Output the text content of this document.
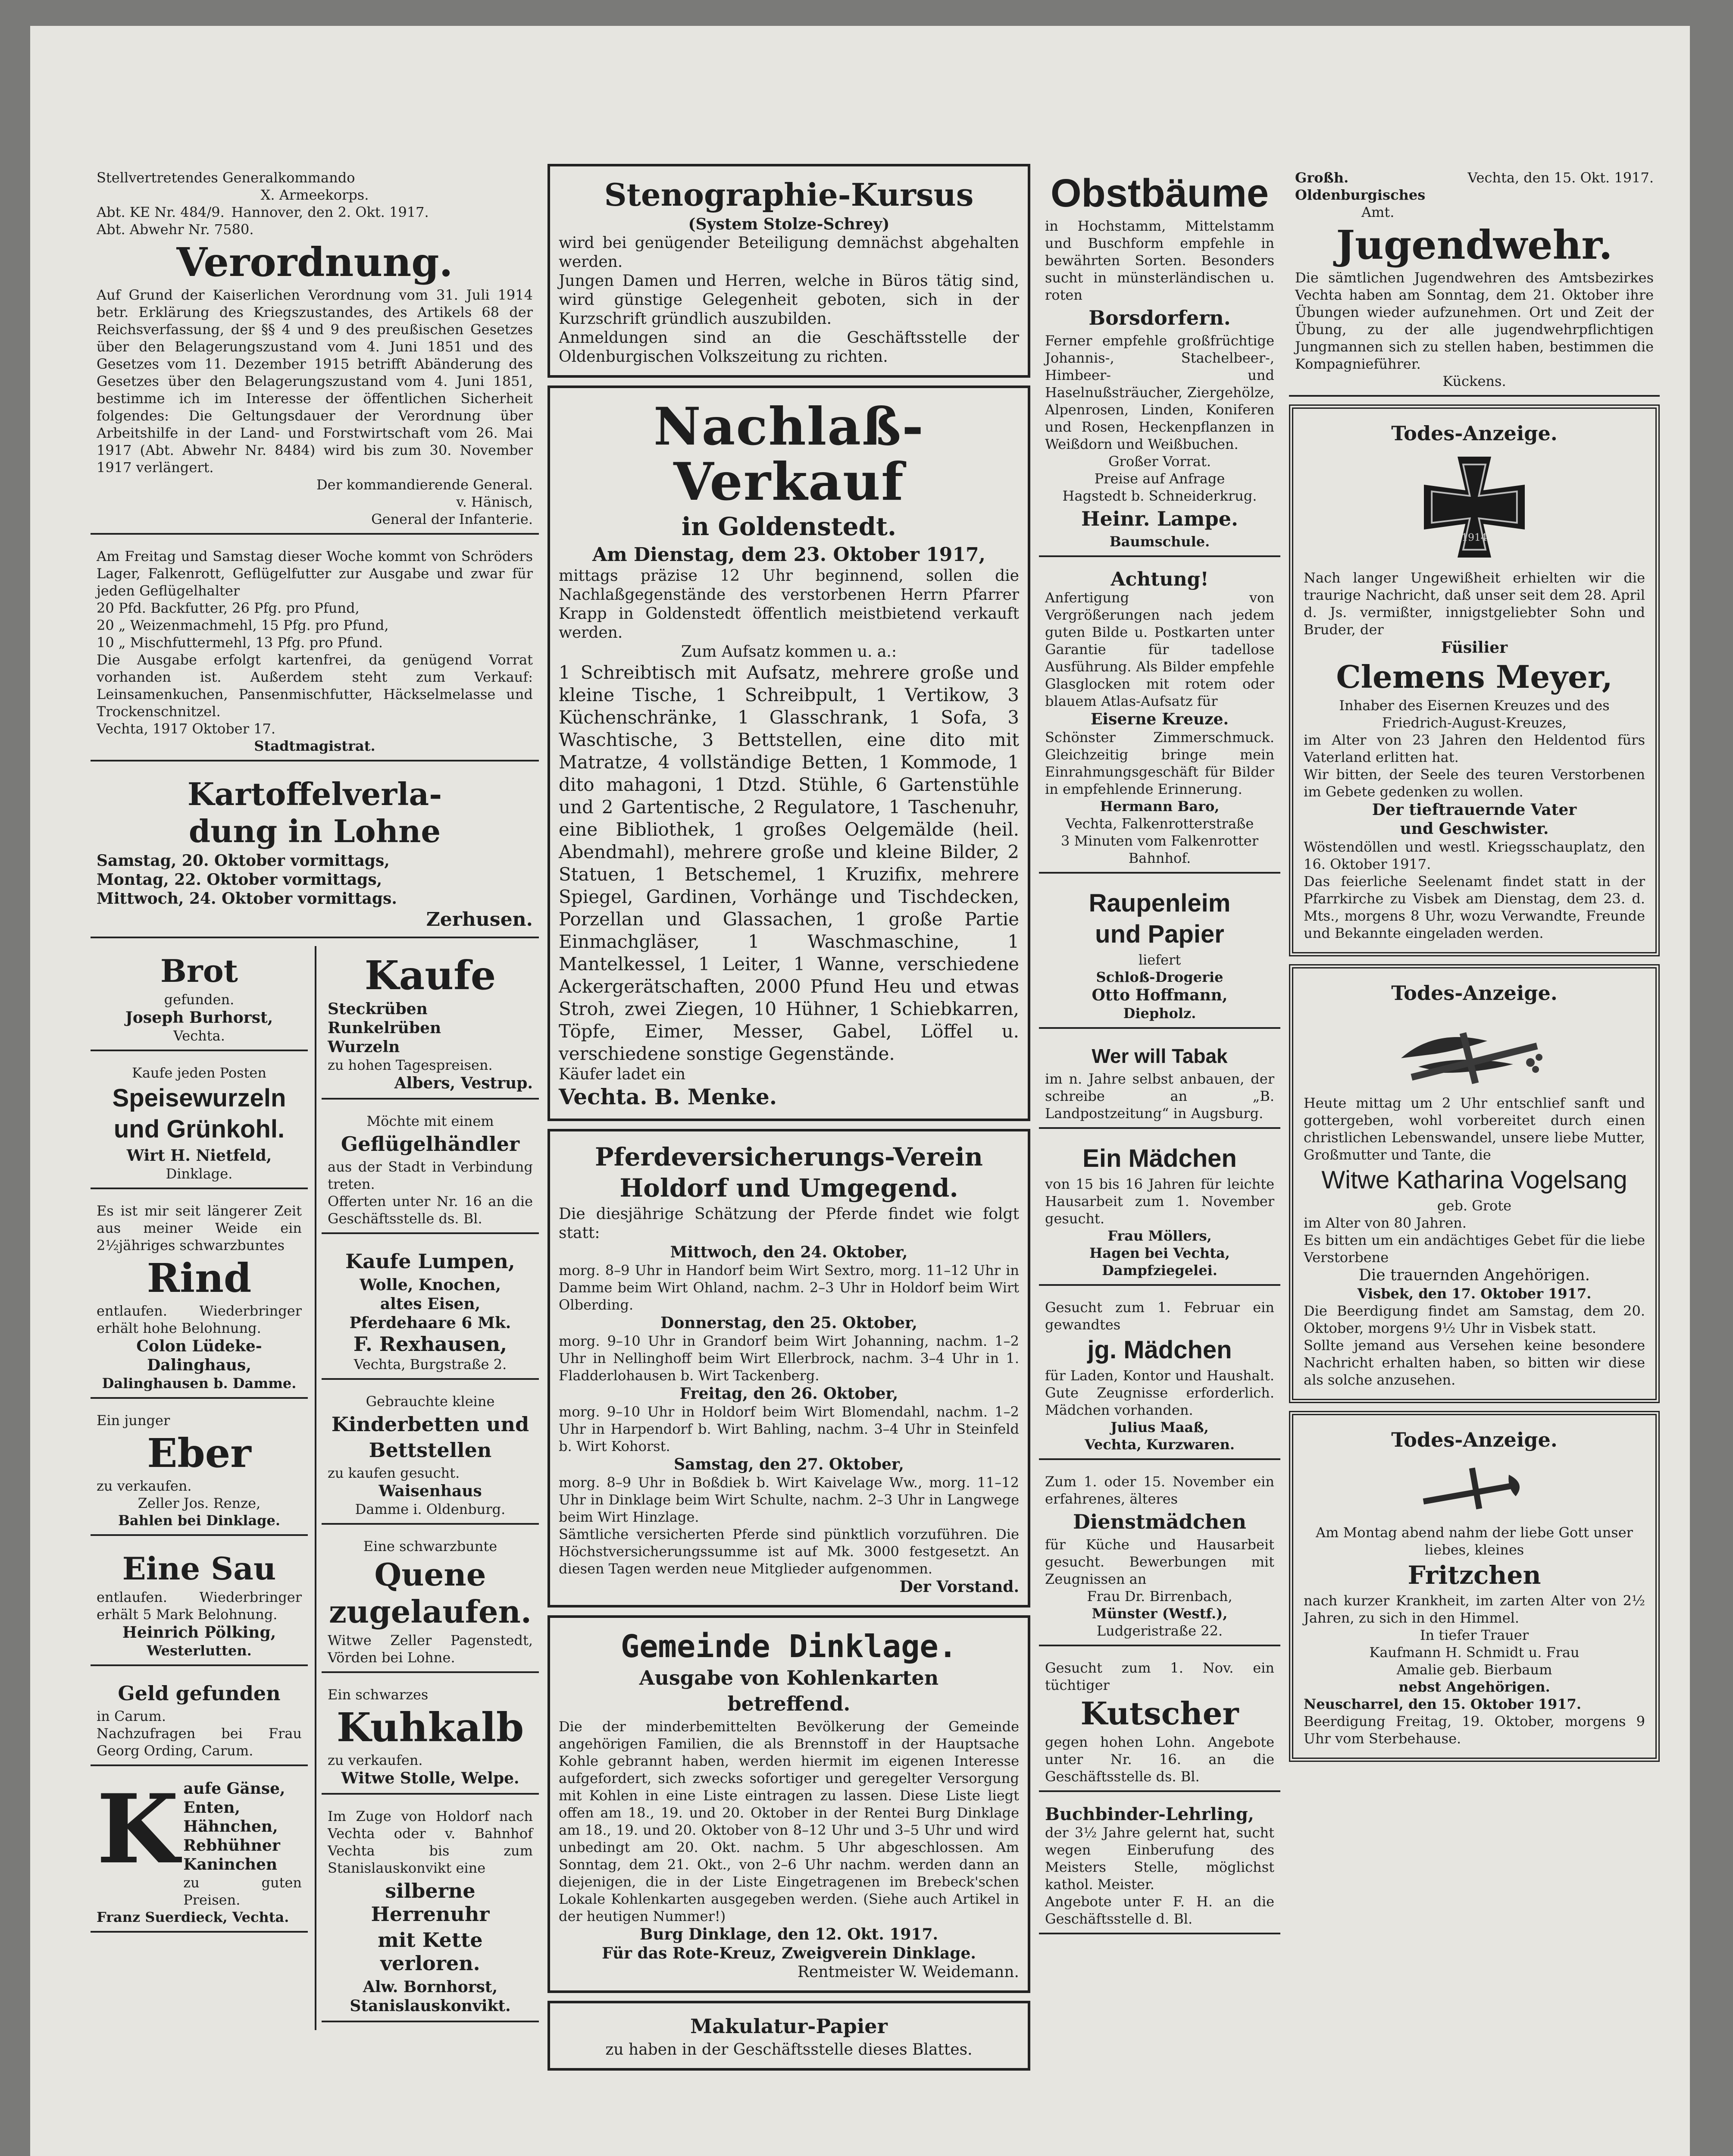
Stellvertretendes Generalkommando

X. Armeekorps.

Abt. KE Nr. 484/9. Hannover, den 2. Okt. 1917.

Abt. Abwehr Nr. 7580.

Verordnung.

Auf Grund der Kaiserlichen Verordnung vom 31. Juli 1914 betr. Erklärung des Kriegszustandes, des Artikels 68 der Reichsverfassung, der §§ 4 und 9 des preußischen Gesetzes über den Belagerungszustand vom 4. Juni 1851 und des Gesetzes vom 11. Dezember 1915 betrifft Abänderung des Gesetzes über den Belagerungszustand vom 4. Juni 1851, bestimme ich im Interesse der öffentlichen Sicherheit folgendes: Die Geltungsdauer der Verordnung über Arbeitshilfe in der Land- und Forstwirtschaft vom 26. Mai 1917 (Abt. Abwehr Nr. 8484) wird bis zum 30. November 1917 verlängert.

Der kommandierende General.

v. Hänisch,

General der Infanterie.

Am Freitag und Samstag dieser Woche kommt von Schröders Lager, Falkenrott, Geflügelfutter zur Ausgabe und zwar für jeden Geflügelhalter

20 Pfd. Backfutter, 26 Pfg. pro Pfund,

20 „ Weizenmachmehl, 15 Pfg. pro Pfund,

10 „ Mischfuttermehl, 13 Pfg. pro Pfund.

Die Ausgabe erfolgt kartenfrei, da genügend Vorrat vorhanden ist. Außerdem steht zum Verkauf: Leinsamenkuchen, Pansenmischfutter, Häckselmelasse und Trockenschnitzel.

Vechta, 1917 Oktober 17.

Stadtmagistrat.

Kartoffelverla-
dung in Lohne

Samstag, 20. Oktober vormittags,

Montag, 22. Oktober vormittags,

Mittwoch, 24. Oktober vormittags.

Zerhusen.

Brot

gefunden.

Joseph Burhorst,

Vechta.

Kaufe jeden Posten

Speisewurzeln
und Grünkohl.

Wirt H. Nietfeld,

Dinklage.

Es ist mir seit längerer Zeit aus meiner Weide ein 2½jähriges schwarzbuntes

Rind

entlaufen. Wiederbringer erhält hohe Belohnung.

Colon Lüdeke-Dalinghaus,

Dalinghausen b. Damme.

Ein junger

Eber

zu verkaufen.

Zeller Jos. Renze,

Bahlen bei Dinklage.

Eine Sau

entlaufen. Wiederbringer erhält 5 Mark Belohnung.

Heinrich Pölking,

Westerlutten.

Geld gefunden

in Carum.

Nachzufragen bei Frau Georg Ording, Carum.

K aufe Gänse,

Enten,

Hähnchen,

Rebhühner

Kaninchen

zu guten Preisen.

Franz Suerdieck, Vechta.

Kaufe

Steckrüben

Runkelrüben

Wurzeln

zu hohen Tagespreisen.

Albers, Vestrup.

Möchte mit einem

Geflügelhändler

aus der Stadt in Verbindung treten.

Offerten unter Nr. 16 an die Geschäftsstelle ds. Bl.

Kaufe Lumpen,

Wolle, Knochen,

altes Eisen,

Pferdehaare 6 Mk.

F. Rexhausen,

Vechta, Burgstraße 2.

Gebrauchte kleine

Kinderbetten und
Bettstellen

zu kaufen gesucht.

Waisenhaus

Damme i. Oldenburg.

Eine schwarzbunte

Quene
zugelaufen.

Witwe Zeller Pagenstedt, Vörden bei Lohne.

Ein schwarzes

Kuhkalb

zu verkaufen.

Witwe Stolle, Welpe.

Im Zuge von Holdorf nach Vechta oder v. Bahnhof Vechta bis zum Stanislauskonvikt eine

silberne Herrenuhr
mit Kette verloren.

Alw. Bornhorst,

Stanislauskonvikt.

Stenographie-Kursus

(System Stolze-Schrey)

wird bei genügender Beteiligung demnächst abgehalten werden.

Jungen Damen und Herren, welche in Büros tätig sind, wird günstige Gelegenheit geboten, sich in der Kurzschrift gründlich auszubilden.

Anmeldungen sind an die Geschäftsstelle der Oldenburgischen Volkszeitung zu richten.

Nachlaß-Verkauf
in Goldenstedt.

Am Dienstag, dem 23. Oktober 1917,

mittags präzise 12 Uhr beginnend, sollen die Nachlaßgegenstände des verstorbenen Herrn Pfarrer Krapp in Goldenstedt öffentlich meistbietend verkauft werden.

Zum Aufsatz kommen u. a.:

1 Schreibtisch mit Aufsatz, mehrere große und kleine Tische, 1 Schreibpult, 1 Vertikow, 3 Küchenschränke, 1 Glasschrank, 1 Sofa, 3 Waschtische, 3 Bettstellen, eine dito mit Matratze, 4 vollständige Betten, 1 Kommode, 1 dito mahagoni, 1 Dtzd. Stühle, 6 Gartenstühle und 2 Gartentische, 2 Regulatore, 1 Taschenuhr, eine Bibliothek, 1 großes Oelgemälde (heil. Abendmahl), mehrere große und kleine Bilder, 2 Statuen, 1 Betschemel, 1 Kruzifix, mehrere Spiegel, Gardinen, Vorhänge und Tischdecken, Porzellan und Glassachen, 1 große Partie Einmachgläser, 1 Waschmaschine, 1 Mantelkessel, 1 Leiter, 1 Wanne, verschiedene Ackergerätschaften, 2000 Pfund Heu und etwas Stroh, zwei Ziegen, 10 Hühner, 1 Schiebkarren, Töpfe, Eimer, Messer, Gabel, Löffel u. verschiedene sonstige Gegenstände.

Käufer ladet ein

Vechta. B. Menke.

Pferdeversicherungs-Verein
Holdorf und Umgegend.

Die diesjährige Schätzung der Pferde findet wie folgt statt:

Mittwoch, den 24. Oktober,

morg. 8–9 Uhr in Handorf beim Wirt Sextro, morg. 11–12 Uhr in Damme beim Wirt Ohland, nachm. 2–3 Uhr in Holdorf beim Wirt Olberding.

Donnerstag, den 25. Oktober,

morg. 9–10 Uhr in Grandorf beim Wirt Johanning, nachm. 1–2 Uhr in Nellinghoff beim Wirt Ellerbrock, nachm. 3–4 Uhr in 1. Fladderlohausen b. Wirt Tackenberg.

Freitag, den 26. Oktober,

morg. 9–10 Uhr in Holdorf beim Wirt Blomendahl, nachm. 1–2 Uhr in Harpendorf b. Wirt Bahling, nachm. 3–4 Uhr in Steinfeld b. Wirt Kohorst.

Samstag, den 27. Oktober,

morg. 8–9 Uhr in Boßdiek b. Wirt Kaivelage Ww., morg. 11–12 Uhr in Dinklage beim Wirt Schulte, nachm. 2–3 Uhr in Langwege beim Wirt Hinzlage.

Sämtliche versicherten Pferde sind pünktlich vorzuführen. Die Höchstversicherungssumme ist auf Mk. 3000 festgesetzt. An diesen Tagen werden neue Mitglieder aufgenommen.

Der Vorstand.

Gemeinde Dinklage.
Ausgabe von Kohlenkarten
betreffend.

Die der minderbemittelten Bevölkerung der Gemeinde angehörigen Familien, die als Brennstoff in der Hauptsache Kohle gebrannt haben, werden hiermit im eigenen Interesse aufgefordert, sich zwecks sofortiger und geregelter Versorgung mit Kohlen in eine Liste eintragen zu lassen. Diese Liste liegt offen am 18., 19. und 20. Oktober in der Rentei Burg Dinklage am 18., 19. und 20. Oktober von 8–12 Uhr und 3–5 Uhr und wird unbedingt am 20. Okt. nachm. 5 Uhr abgeschlossen. Am Sonntag, dem 21. Okt., von 2–6 Uhr nachm. werden dann an diejenigen, die in der Liste Eingetragenen im Brebeck'schen Lokale Kohlenkarten ausgegeben werden. (Siehe auch Artikel in der heutigen Nummer!)

Burg Dinklage, den 12. Okt. 1917.

Für das Rote-Kreuz, Zweigverein Dinklage.

Rentmeister W. Weidemann.

Makulatur-Papier

zu haben in der Geschäftsstelle dieses Blattes.

Obstbäume

in Hochstamm, Mittelstamm und Buschform empfehle in bewährten Sorten. Besonders sucht in münsterländischen u. roten

Borsdorfern.

Ferner empfehle großfrüchtige Johannis-, Stachelbeer-, Himbeer- und Haselnußsträucher, Ziergehölze, Alpenrosen, Linden, Koniferen und Rosen, Heckenpflanzen in Weißdorn und Weißbuchen.

Großer Vorrat.

Preise auf Anfrage

Hagstedt b. Schneiderkrug.

Heinr. Lampe.

Baumschule.

Achtung!

Anfertigung von Vergrößerungen nach jedem guten Bilde u. Postkarten unter Garantie für tadellose Ausführung. Als Bilder empfehle Glasglocken mit rotem oder blauem Atlas-Aufsatz für

Eiserne Kreuze.

Schönster Zimmerschmuck. Gleichzeitig bringe mein Einrahmungsgeschäft für Bilder in empfehlende Erinnerung.

Hermann Baro,

Vechta, Falkenrotterstraße

3 Minuten vom Falkenrotter Bahnhof.

Raupenleim
und Papier

liefert

Schloß-Drogerie

Otto Hoffmann,

Diepholz.

Wer will Tabak

im n. Jahre selbst anbauen, der schreibe an „B. Landpostzeitung“ in Augsburg.

Ein Mädchen

von 15 bis 16 Jahren für leichte Hausarbeit zum 1. November gesucht.

Frau Möllers,

Hagen bei Vechta,

Dampfziegelei.

Gesucht zum 1. Februar ein gewandtes

jg. Mädchen

für Laden, Kontor und Haushalt. Gute Zeugnisse erforderlich. Mädchen vorhanden.

Julius Maaß,

Vechta, Kurzwaren.

Zum 1. oder 15. November ein erfahrenes, älteres

Dienstmädchen

für Küche und Hausarbeit gesucht. Bewerbungen mit Zeugnissen an

Frau Dr. Birrenbach,

Münster (Westf.),

Ludgeristraße 22.

Gesucht zum 1. Nov. ein tüchtiger

Kutscher

gegen hohen Lohn. Angebote unter Nr. 16. an die Geschäftsstelle ds. Bl.

Buchbinder-Lehrling,

der 3½ Jahre gelernt hat, sucht wegen Einberufung des Meisters Stelle, möglichst kathol. Meister.

Angebote unter F. H. an die Geschäftsstelle d. Bl.

Großh. Oldenburgisches

Amt.

Vechta, den 15. Okt. 1917.

Jugendwehr.

Die sämtlichen Jugendwehren des Amtsbezirkes Vechta haben am Sonntag, dem 21. Oktober ihre Übungen wieder aufzunehmen. Ort und Zeit der Übung, zu der alle jugendwehrpflichtigen Jungmannen sich zu stellen haben, bestimmen die Kompagnieführer.

Kückens.

Todes-Anzeige.
1914

Nach langer Ungewißheit erhielten wir die traurige Nachricht, daß unser seit dem 28. April d. Js. vermißter, innigstgeliebter Sohn und Bruder, der

Füsilier

Clemens Meyer,

Inhaber des Eisernen Kreuzes und des Friedrich-August-Kreuzes,

im Alter von 23 Jahren den Heldentod fürs Vaterland erlitten hat.

Wir bitten, der Seele des teuren Verstorbenen im Gebete gedenken zu wollen.

Der tieftrauernde Vater

und Geschwister.

Wöstendöllen und westl. Kriegsschauplatz, den 16. Oktober 1917.

Das feierliche Seelenamt findet statt in der Pfarrkirche zu Visbek am Dienstag, dem 23. d. Mts., morgens 8 Uhr, wozu Verwandte, Freunde und Bekannte eingeladen werden.

Todes-Anzeige.

Heute mittag um 2 Uhr entschlief sanft und gottergeben, wohl vorbereitet durch einen christlichen Lebenswandel, unsere liebe Mutter, Großmutter und Tante, die

Witwe Katharina Vogelsang

geb. Grote

im Alter von 80 Jahren.

Es bitten um ein andächtiges Gebet für die liebe Verstorbene

Die trauernden Angehörigen.

Visbek, den 17. Oktober 1917.

Die Beerdigung findet am Samstag, dem 20. Oktober, morgens 9½ Uhr in Visbek statt.

Sollte jemand aus Versehen keine besondere Nachricht erhalten haben, so bitten wir diese als solche anzusehen.

Todes-Anzeige.

Am Montag abend nahm der liebe Gott unser liebes, kleines

Fritzchen

nach kurzer Krankheit, im zarten Alter von 2½ Jahren, zu sich in den Himmel.

In tiefer Trauer

Kaufmann H. Schmidt u. Frau

Amalie geb. Bierbaum

nebst Angehörigen.

Neuscharrel, den 15. Oktober 1917.

Beerdigung Freitag, 19. Oktober, morgens 9 Uhr vom Sterbehause.
